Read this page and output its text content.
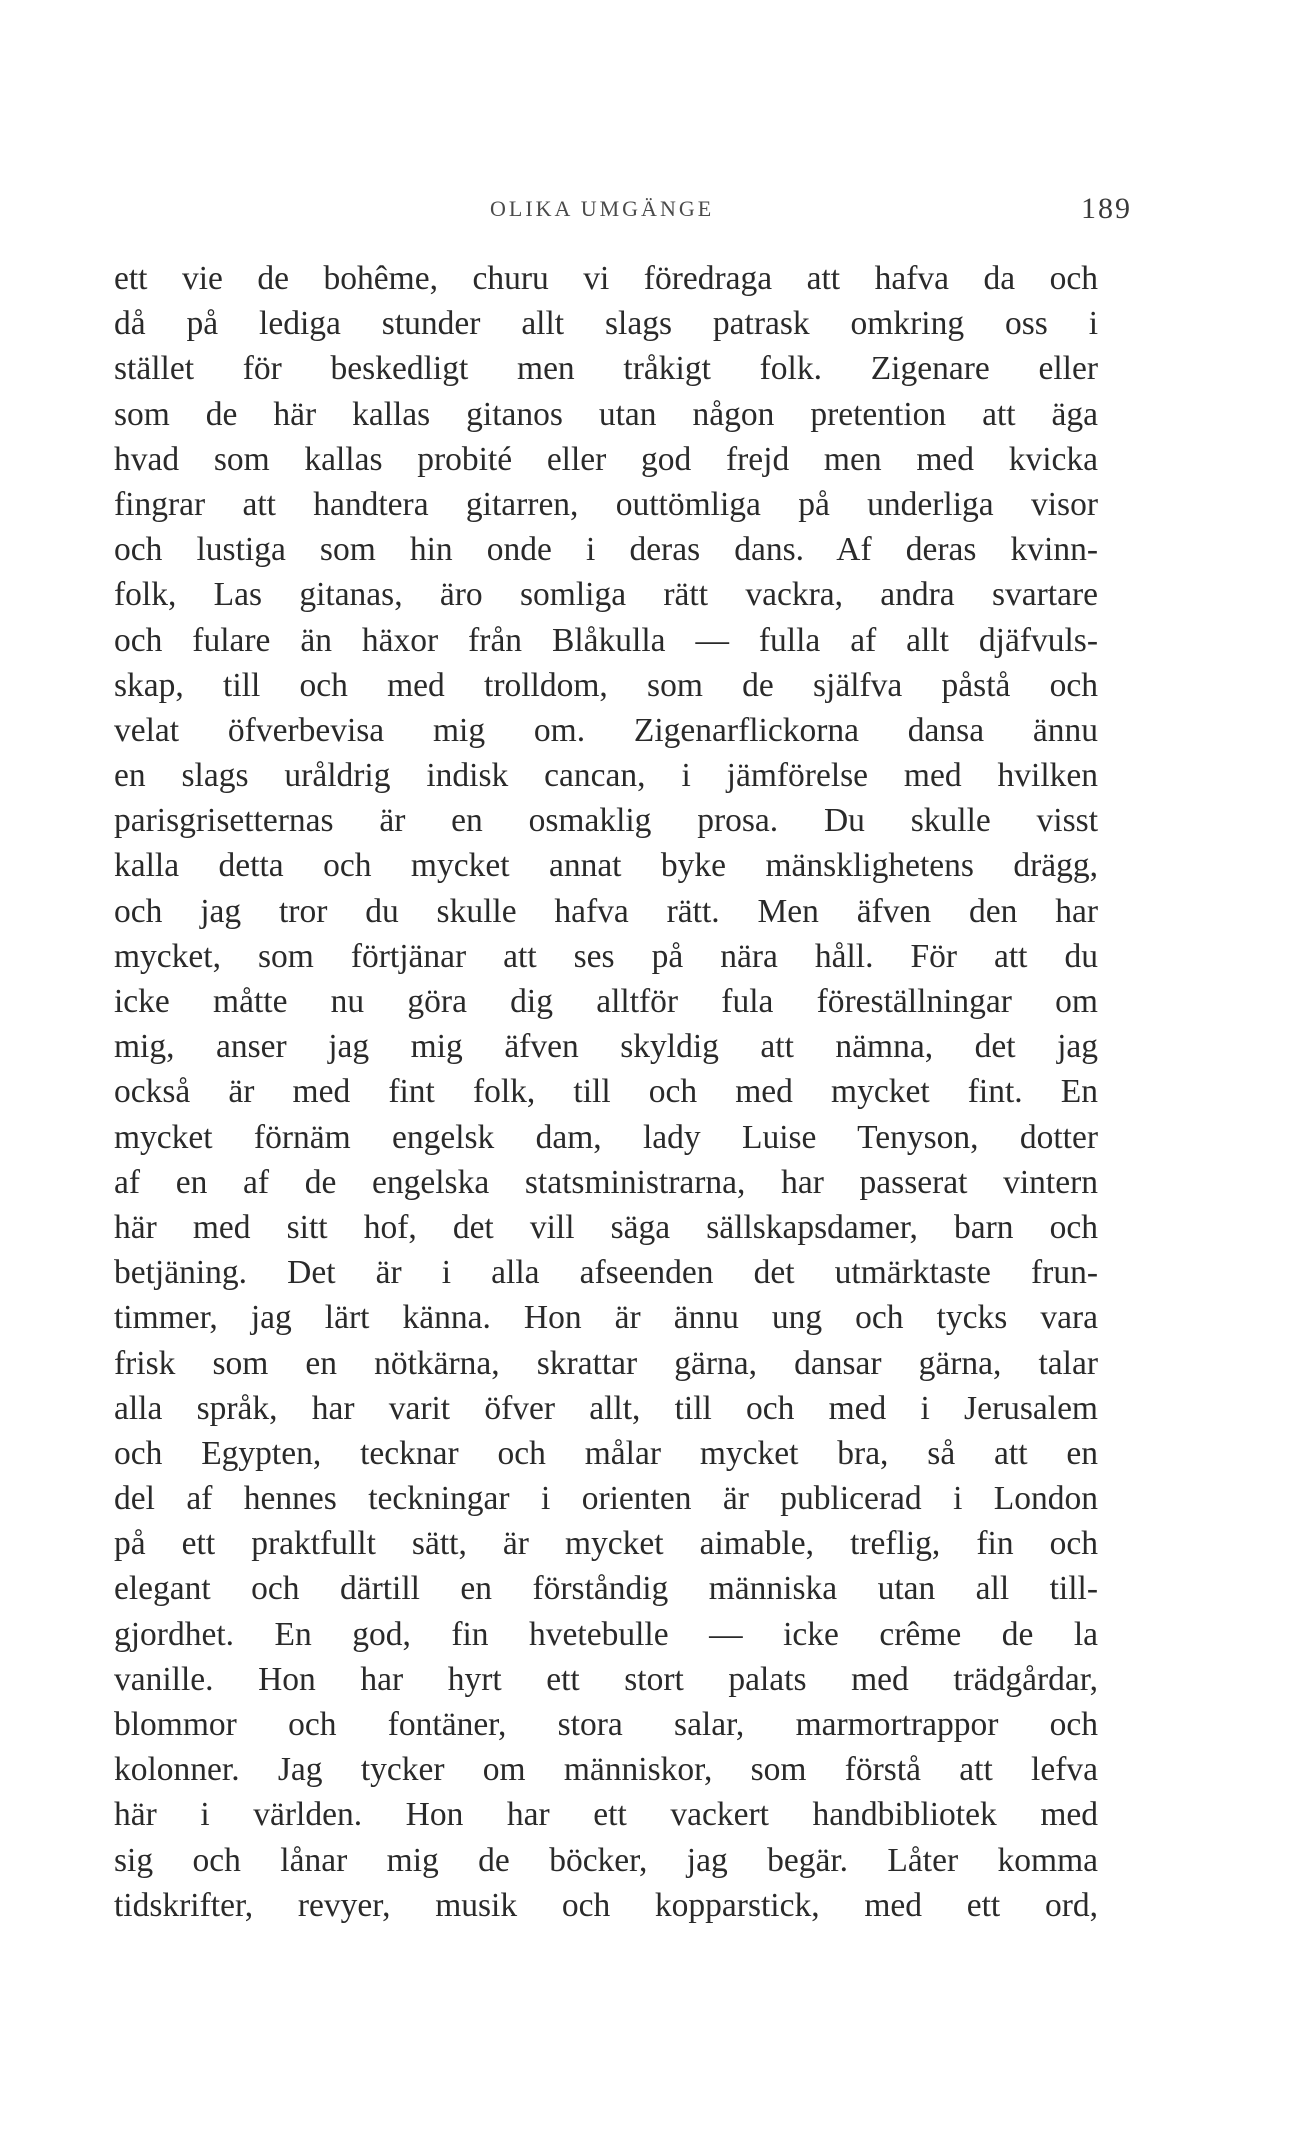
OLIKA UMGÄNGE	189
ett vie de bohême, churu vi föredraga att hafva da och
då på lediga stunder allt slags patrask omkring oss i
stället för beskedligt men tråkigt folk. Zigenare eller
som de här kallas gitanos utan någon pretention att äga
hvad som kallas probité eller god frejd men med kvicka
fingrar att handtera gitarren, outtömliga på underliga visor
och lustiga som hin onde i deras dans. Af deras kvinn-
folk, Las gitanas, äro somliga rätt vackra, andra svartare
och fulare än häxor från Blåkulla — fulla af allt djäfvuls-
skap, till och med trolldom, som de själfva påstå och
velat öfverbevisa mig om. Zigenarflickorna dansa ännu
en slags uråldrig indisk cancan, i jämförelse med hvilken
parisgrisetternas är en osmaklig prosa. Du skulle visst
kalla detta och mycket annat byke mänsklighetens drägg,
och jag tror du skulle hafva rätt. Men äfven den har
mycket, som förtjänar att ses på nära håll. För att du
icke måtte nu göra dig alltför fula föreställningar om
mig, anser jag mig äfven skyldig att nämna, det jag
också är med fint folk, till och med mycket fint. En
mycket förnäm engelsk dam, lady Luise Tenyson, dotter
af en af de engelska statsministrarna, har passerat vintern
här med sitt hof, det vill säga sällskapsdamer, barn och
betjäning. Det är i alla afseenden det utmärktaste frun-
timmer, jag lärt känna. Hon är ännu ung och tycks vara
frisk som en nötkärna, skrattar gärna, dansar gärna, talar
alla språk, har varit öfver allt, till och med i Jerusalem
och Egypten, tecknar och målar mycket bra, så att en
del af hennes teckningar i orienten är publicerad i London
på ett praktfullt sätt, är mycket aimable, treflig, fin och
elegant och därtill en förståndig människa utan all till-
gjordhet. En god, fin hvetebulle — icke crême de la
vanille. Hon har hyrt ett stort palats med trädgårdar,
blommor och fontäner, stora salar, marmortrappor och
kolonner. Jag tycker om människor, som förstå att lefva
här i världen. Hon har ett vackert handbibliotek med
sig och lånar mig de böcker, jag begär. Låter komma
tidskrifter, revyer, musik och kopparstick, med ett ord,
